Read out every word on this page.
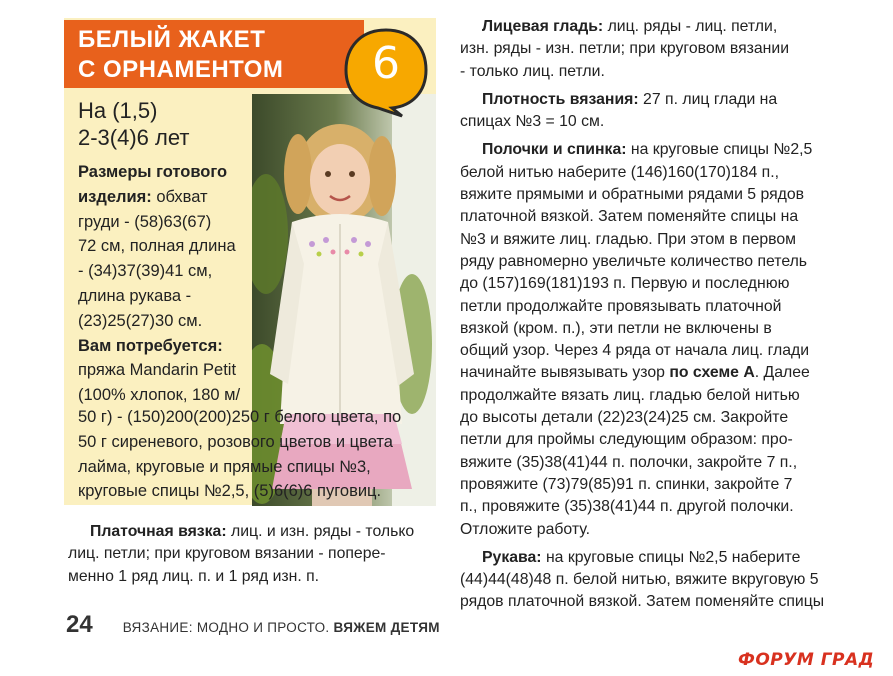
БЕЛЫЙ ЖАКЕТ
С ОРНАМЕНТОМ	6
На (1,5)
2-3(4)6 лет
Размеры готового
изделия: обхват
груди - (58)63(67)
72 см, полная длина
- (34)37(39)41 см,
длина рукава -
(23)25(27)30 см.
Вам потребуется:
пряжа Mandarin Petit
(100% хлопок, 180 м/
50 г) - (150)200(200)250 г белого цвета, по
50 г сиреневого, розового цветов и цвета
лайма, круговые и прямые спицы №3,
круговые спицы №2,5, (5)6(6)6 пуговиц.
Платочная вязка: лиц. и изн. ряды - только
лиц. петли; при круговом вязании - попере-
менно 1 ряд лиц. п. и 1 ряд изн. п.
Лицевая гладь: лиц. ряды - лиц. петли,
изн. ряды - изн. петли; при круговом вязании
- только лиц. петли.
Плотность вязания: 27 п. лиц глади на
спицах №3 = 10 см.
Полочки и спинка: на круговые спицы №2,5
белой нитью наберите (146)160(170)184 п.,
вяжите прямыми и обратными рядами 5 рядов
платочной вязкой. Затем поменяйте спицы на
№3 и вяжите лиц. гладью. При этом в первом
ряду равномерно увеличьте количество петель
до (157)169(181)193 п. Первую и последнюю
петли продолжайте провязывать платочной
вязкой (кром. п.), эти петли не включены в
общий узор. Через 4 ряда от начала лиц. глади
начинайте вывязывать узор по схеме А. Далее
продолжайте вязать лиц. гладью белой нитью
до высоты детали (22)23(24)25 см. Закройте
петли для проймы следующим образом: про-
вяжите (35)38(41)44 п. полочки, закройте 7 п.,
провяжите (73)79(85)91 п. спинки, закройте 7
п., провяжите (35)38(41)44 п. другой полочки.
Отложите работу.
Рукава: на круговые спицы №2,5 наберите
(44)44(48)48 п. белой нитью, вяжите вкруговую 5
рядов платочной вязкой. Затем поменяйте спицы
24 ВЯЗАНИЕ: МОДНО И ПРОСТО. ВЯЖЕМ ДЕТЯМ
ФОРУМ ГРАД
